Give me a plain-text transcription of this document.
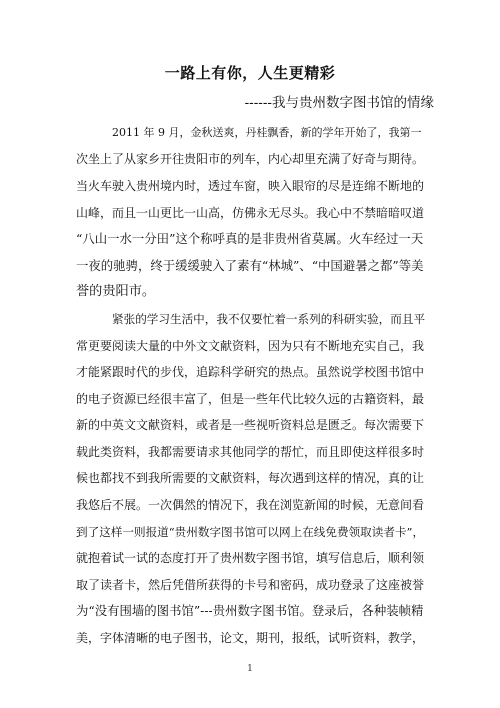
一路上有你，人生更精彩
------我与贵州数字图书馆的情缘
2011 年 9 月，金秋送爽，丹桂飘香，新的学年开始了，我第一
次坐上了从家乡开往贵阳市的列车，内心却里充满了好奇与期待。
当火车驶入贵州境内时，透过车窗，映入眼帘的尽是连绵不断地的
山峰，而且一山更比一山高，仿佛永无尽头。我心中不禁暗暗叹道
“八山一水一分田”这个称呼真的是非贵州省莫属。火车经过一天
一夜的驰骋，终于缓缓驶入了素有“林城”、“中国避暑之都”等美
誉的贵阳市。
紧张的学习生活中，我不仅要忙着一系列的科研实验，而且平
常更要阅读大量的中外文文献资料，因为只有不断地充实自己，我
才能紧跟时代的步伐，追踪科学研究的热点。虽然说学校图书馆中
的电子资源已经很丰富了，但是一些年代比较久远的古籍资料，最
新的中英文文献资料，或者是一些视听资料总是匮乏。每次需要下
载此类资料，我都需要请求其他同学的帮忙，而且即使这样很多时
候也都找不到我所需要的文献资料，每次遇到这样的情况，真的让
我悠后不展。一次偶然的情况下，我在浏览新闻的时候，无意间看
到了这样一则报道“贵州数字图书馆可以网上在线免费领取读者卡”，
就抱着试一试的态度打开了贵州数字图书馆，填写信息后，顺利领
取了读者卡，然后凭借所获得的卡号和密码，成功登录了这座被誉
为“没有围墙的图书馆”---贵州数字图书馆。登录后，各种装帧精
美，字体清晰的电子图书，论文，期刊，报纸，试听资料，教学，
1
